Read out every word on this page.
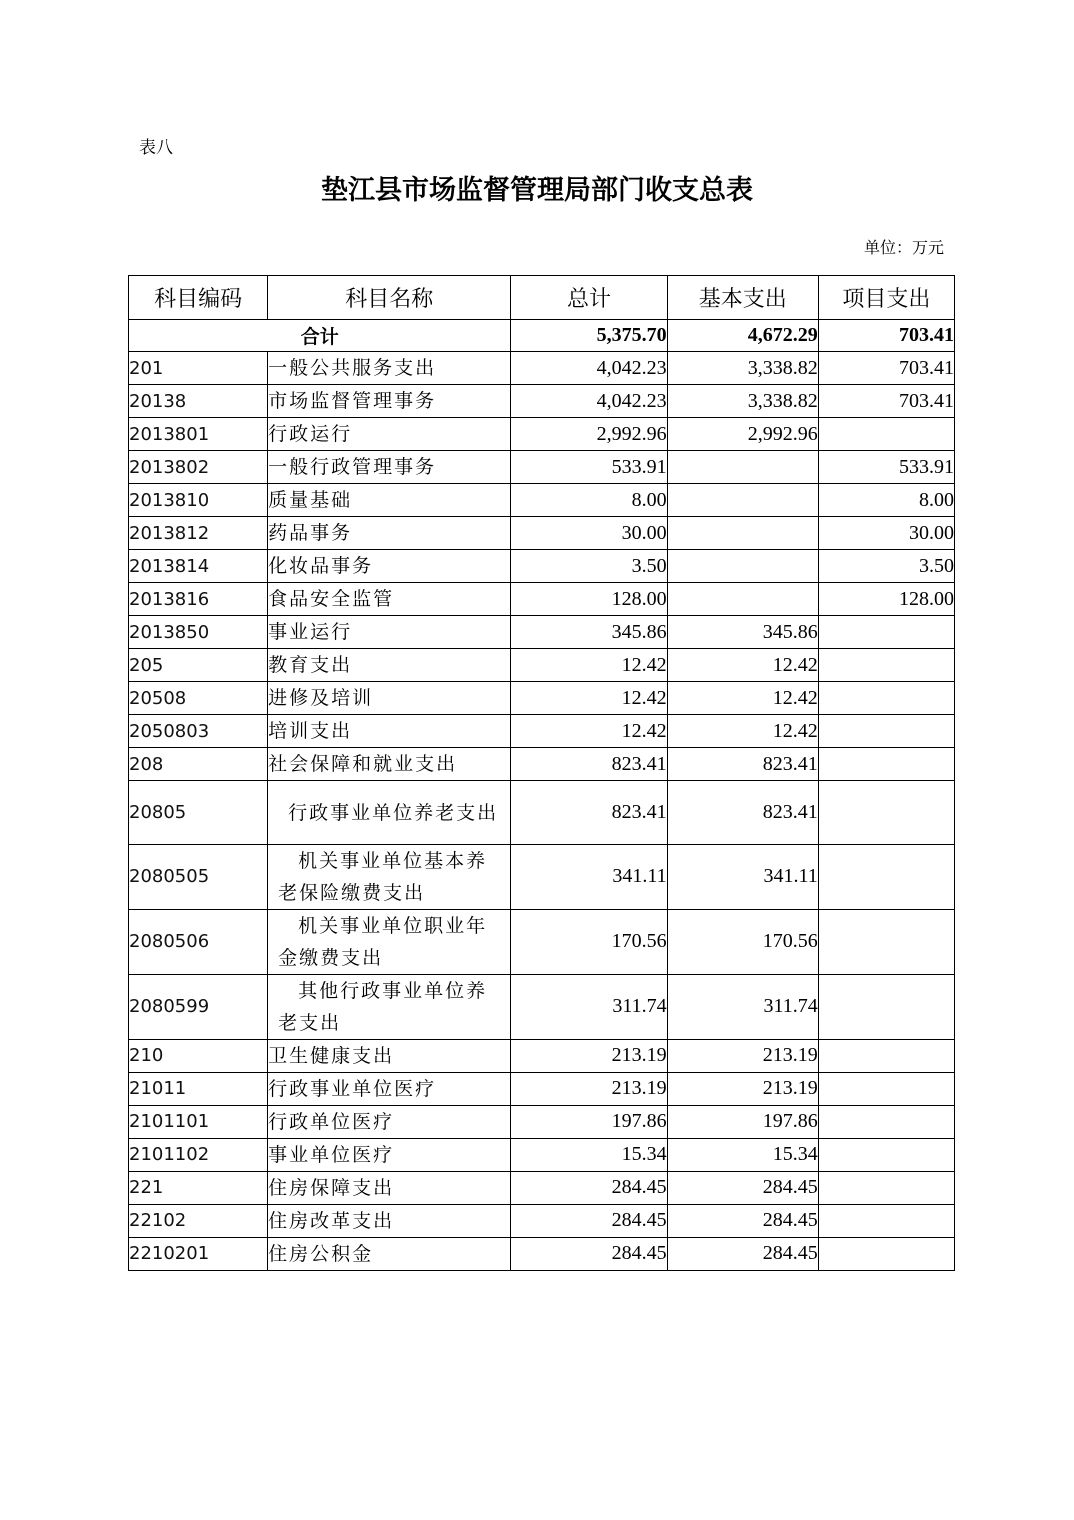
表八
垫江县市场监督管理局部门收支总表
单位：万元
科目编码	科目名称	总计	基本支出	项目支出
合计		5,375.70	4,672.29	703.41
201	一般公共服务支出	4,042.23	3,338.82	703.41
20138	市场监督管理事务	4,042.23	3,338.82	703.41
2013801	行政运行	2,992.96	2,992.96	
2013802	一般行政管理事务	533.91		533.91
2013810	质量基础	8.00		8.00
2013812	药品事务	30.00		30.00
2013814	化妆品事务	3.50		3.50
2013816	食品安全监管	128.00		128.00
2013850	事业运行	345.86	345.86	
205	教育支出	12.42	12.42	
20508	进修及培训	12.42	12.42	
2050803	培训支出	12.42	12.42	
208	社会保障和就业支出	823.41	823.41	
20805	行政事业单位养老支出	823.41	823.41	
2080505	机关事业单位基本养老保险缴费支出	341.11	341.11	
2080506	机关事业单位职业年金缴费支出	170.56	170.56	
2080599	其他行政事业单位养老支出	311.74	311.74	
210	卫生健康支出	213.19	213.19	
21011	行政事业单位医疗	213.19	213.19	
2101101	行政单位医疗	197.86	197.86	
2101102	事业单位医疗	15.34	15.34	
221	住房保障支出	284.45	284.45	
22102	住房改革支出	284.45	284.45	
2210201	住房公积金	284.45	284.45	
